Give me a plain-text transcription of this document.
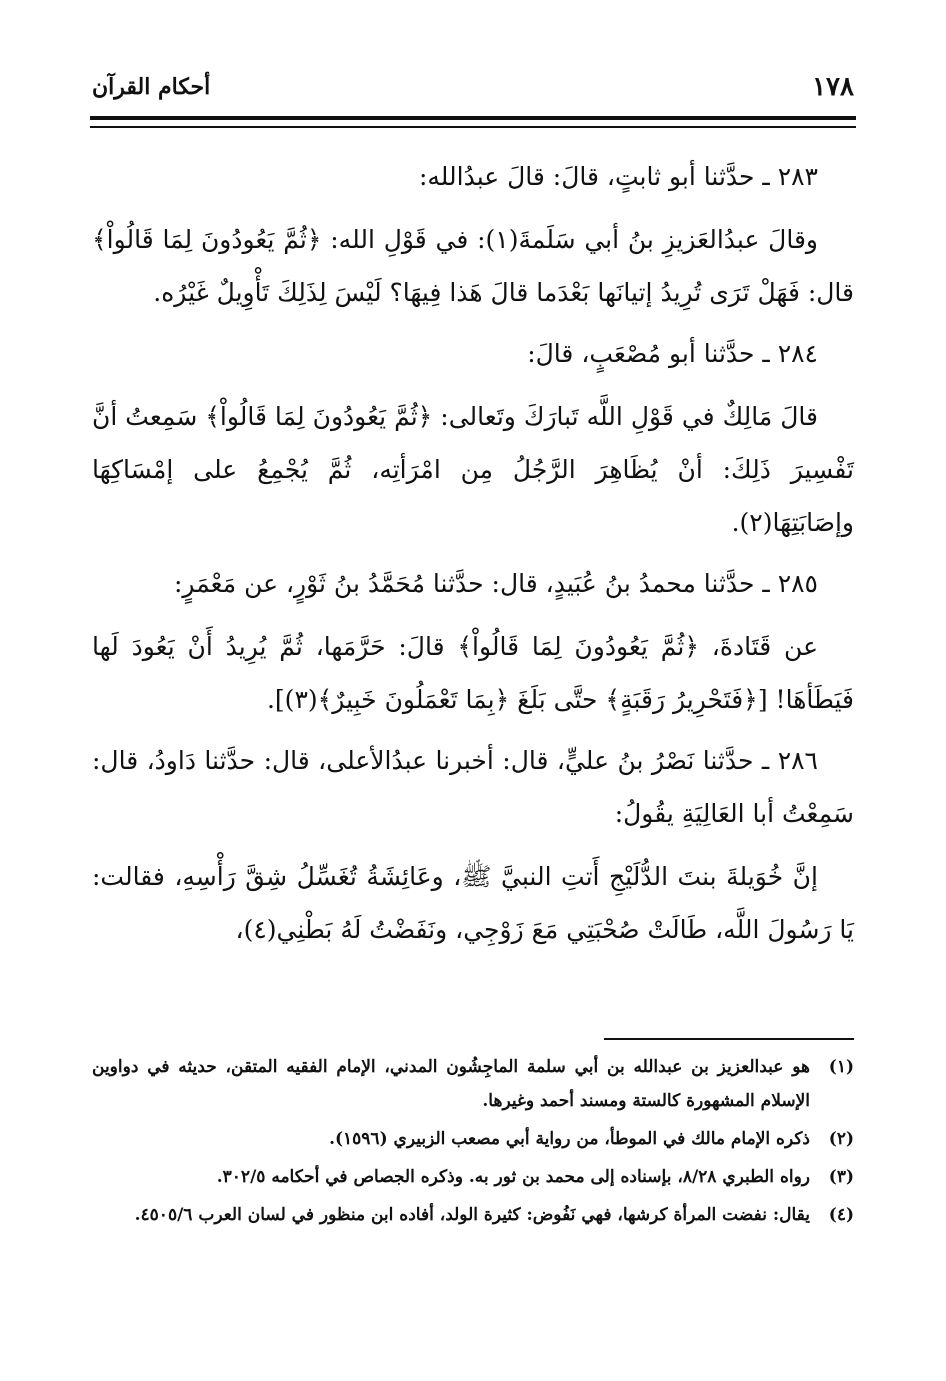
١٧٨
أحكام القرآن

٢٨٣ ـ حدَّثنا أبو ثابتٍ، قالَ: قالَ عبدُالله:

وقالَ عبدُالعَزيزِ بنُ أبي سَلَمةَ(١): في قَوْلِ الله: ﴿ثُمَّ يَعُودُونَ لِمَا قَالُواْ﴾ قال: فَهَلْ تَرَى تُرِيدُ إتيانَها بَعْدَما قالَ هَذا فِيهَا؟ لَيْسَ لِذَلِكَ تَأْوِيلٌ غَيْرُه.

٢٨٤ ـ حدَّثنا أبو مُصْعَبٍ، قالَ:

قالَ مَالِكٌ في قَوْلِ اللَّه تَبارَكَ وتَعالى: ﴿ثُمَّ يَعُودُونَ لِمَا قَالُواْ﴾ سَمِعتُ أنَّ تَفْسِيرَ ذَلِكَ: أنْ يُظَاهِرَ الرَّجُلُ مِن امْرَأتِه، ثُمَّ يُجْمِعُ على إمْسَاكِهَا وإصَابَتِهَا(٢).

٢٨٥ ـ حدَّثنا محمدُ بنُ عُبَيدٍ، قال: حدَّثنا مُحَمَّدُ بنُ ثَوْرٍ، عن مَعْمَرٍ:

عن قَتَادةَ، ﴿ثُمَّ يَعُودُونَ لِمَا قَالُواْ﴾ قالَ: حَرَّمَها، ثُمَّ يُرِيدُ أَنْ يَعُودَ لَها فَيَطَأهَا! [﴿فَتَحْرِيرُ رَقَبَةٍ﴾ حتَّى بَلَغَ ﴿بِمَا تَعْمَلُونَ خَبِيرٌ﴾(٣)].

٢٨٦ ـ حدَّثنا نَصْرُ بنُ عليٍّ، قال: أخبرنا عبدُالأعلى، قال: حدَّثنا دَاودُ، قال: سَمِعْتُ أبا العَالِيَةِ يقُولُ:

إنَّ خُوَيلةَ بنتَ الدُّلَيْجِ أَتتِ النبيَّ ﷺ، وعَائِشَةُ تُغَسِّلُ شِقَّ رَأْسِهِ، فقالت: يَا رَسُولَ اللَّه، طَالَتْ صُحْبَتِي مَعَ زَوْجِي، ونَفَضْتُ لَهُ بَطْنِي(٤)،

(١)
هو عبدالعزيز بن عبدالله بن أبي سلمة الماجِشُون المدني، الإمام الفقيه المتقن، حديثه في دواوين الإسلام المشهورة كالستة ومسند أحمد وغيرها.
(٢)
ذكره الإمام مالك في الموطأ، من رواية أبي مصعب الزبيري (١٥٩٦).
(٣)
رواه الطبري ٨/٢٨، بإسناده إلى محمد بن ثور به. وذكره الجصاص في أحكامه ٣٠٢/٥.
(٤)
يقال: نفضت المرأة كرشها، فهي نَفُوض: كثيرة الولد، أفاده ابن منظور في لسان العرب ٤٥٠٥/٦.
